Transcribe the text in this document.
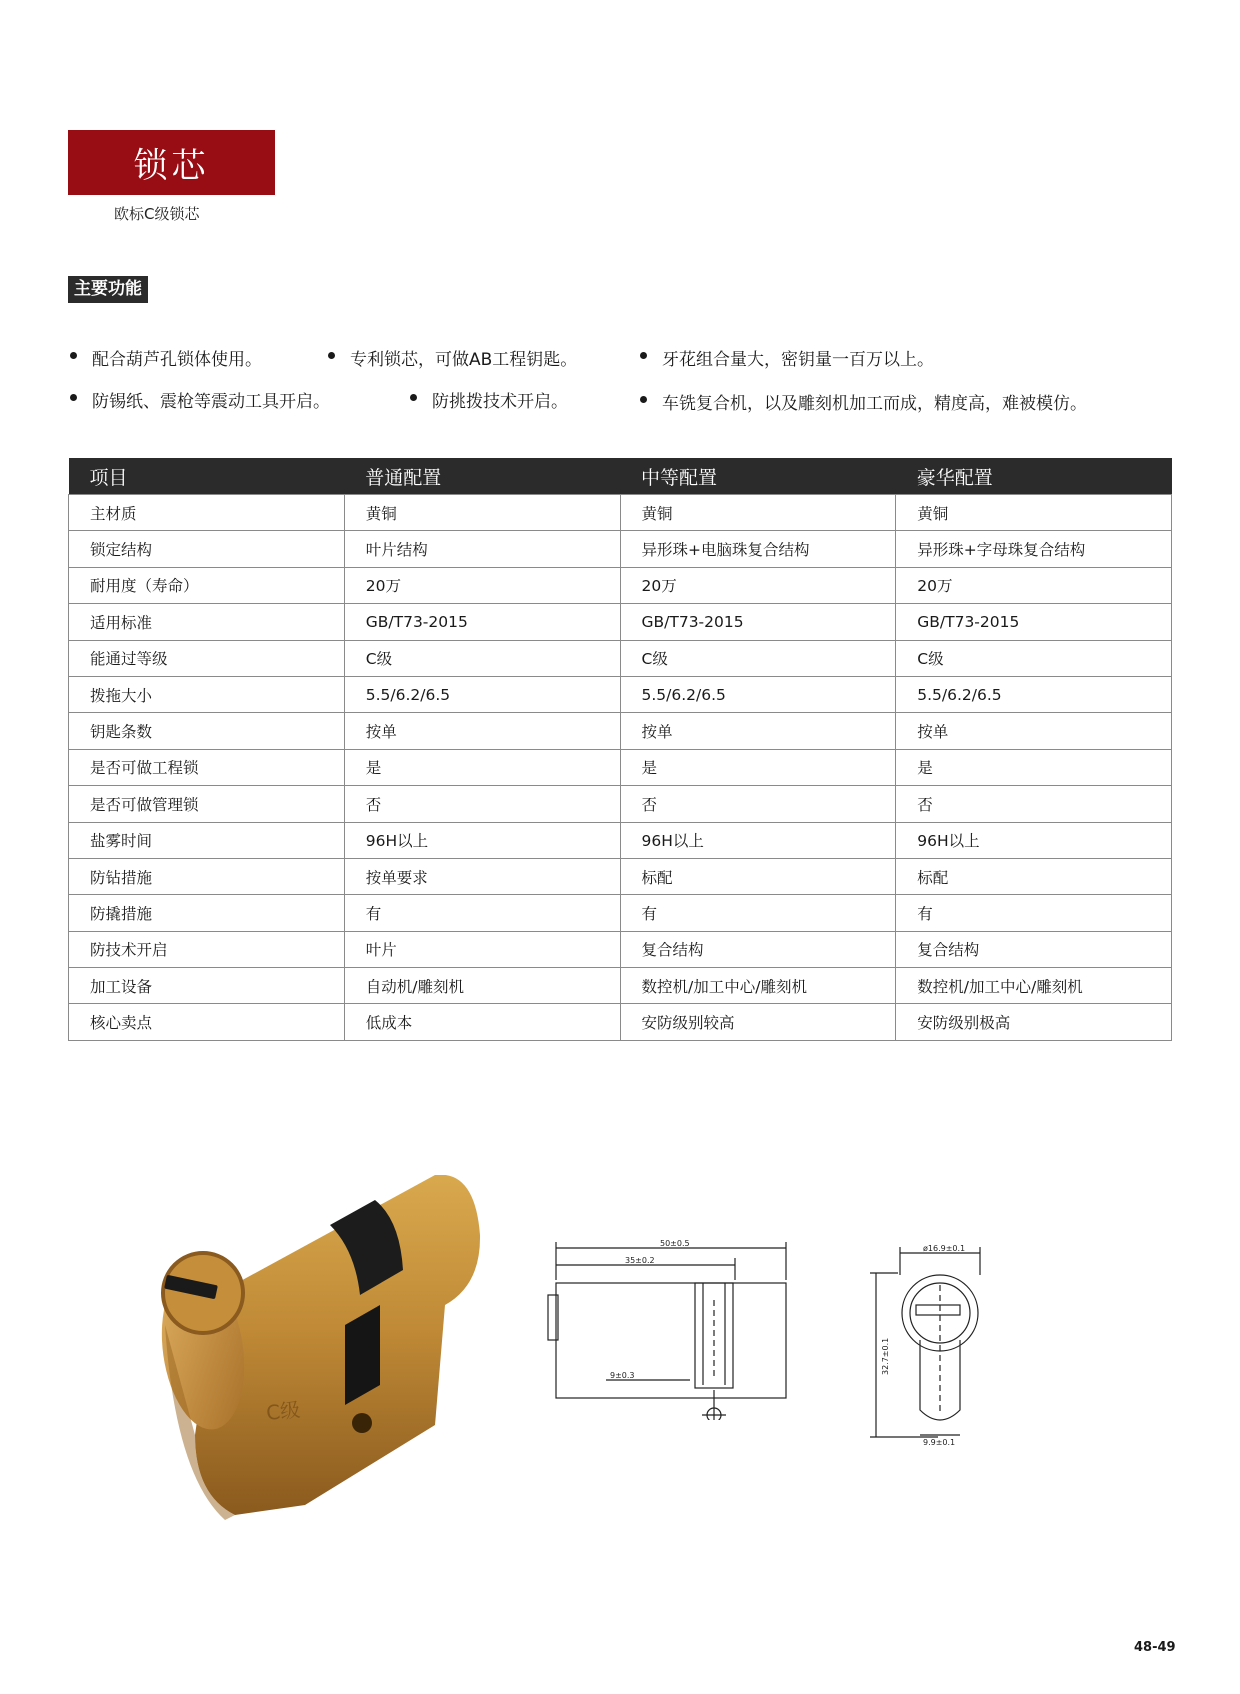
锁芯
欧标C级锁芯
主要功能
配合葫芦孔锁体使用。	专利锁芯，可做AB工程钥匙。	牙花组合量大，密钥量一百万以上。
防锡纸、震枪等震动工具开启。	防挑拨技术开启。	车铣复合机，以及雕刻机加工而成，精度高，难被模仿。
项目	普通配置	中等配置	豪华配置
主材质	黄铜	黄铜	黄铜
锁定结构	叶片结构	异形珠+电脑珠复合结构	异形珠+字母珠复合结构
耐用度（寿命）	20万	20万	20万
适用标准	GB/T73-2015	GB/T73-2015	GB/T73-2015
能通过等级	C级	C级	C级
拨拖大小	5.5/6.2/6.5	5.5/6.2/6.5	5.5/6.2/6.5
钥匙条数	按单	按单	按单
是否可做工程锁	是	是	是
是否可做管理锁	否	否	否
盐雾时间	96H以上	96H以上	96H以上
防钻措施	按单要求	标配	标配
防撬措施	有	有	有
防技术开启	叶片	复合结构	复合结构
加工设备	自动机/雕刻机	数控机/加工中心/雕刻机	数控机/加工中心/雕刻机
核心卖点	低成本	安防级别较高	安防级别极高
C级
50±0.5
35±0.2
9±0.3
ø16.9±0.1
32.7±0.1
9.9±0.1
48-49
